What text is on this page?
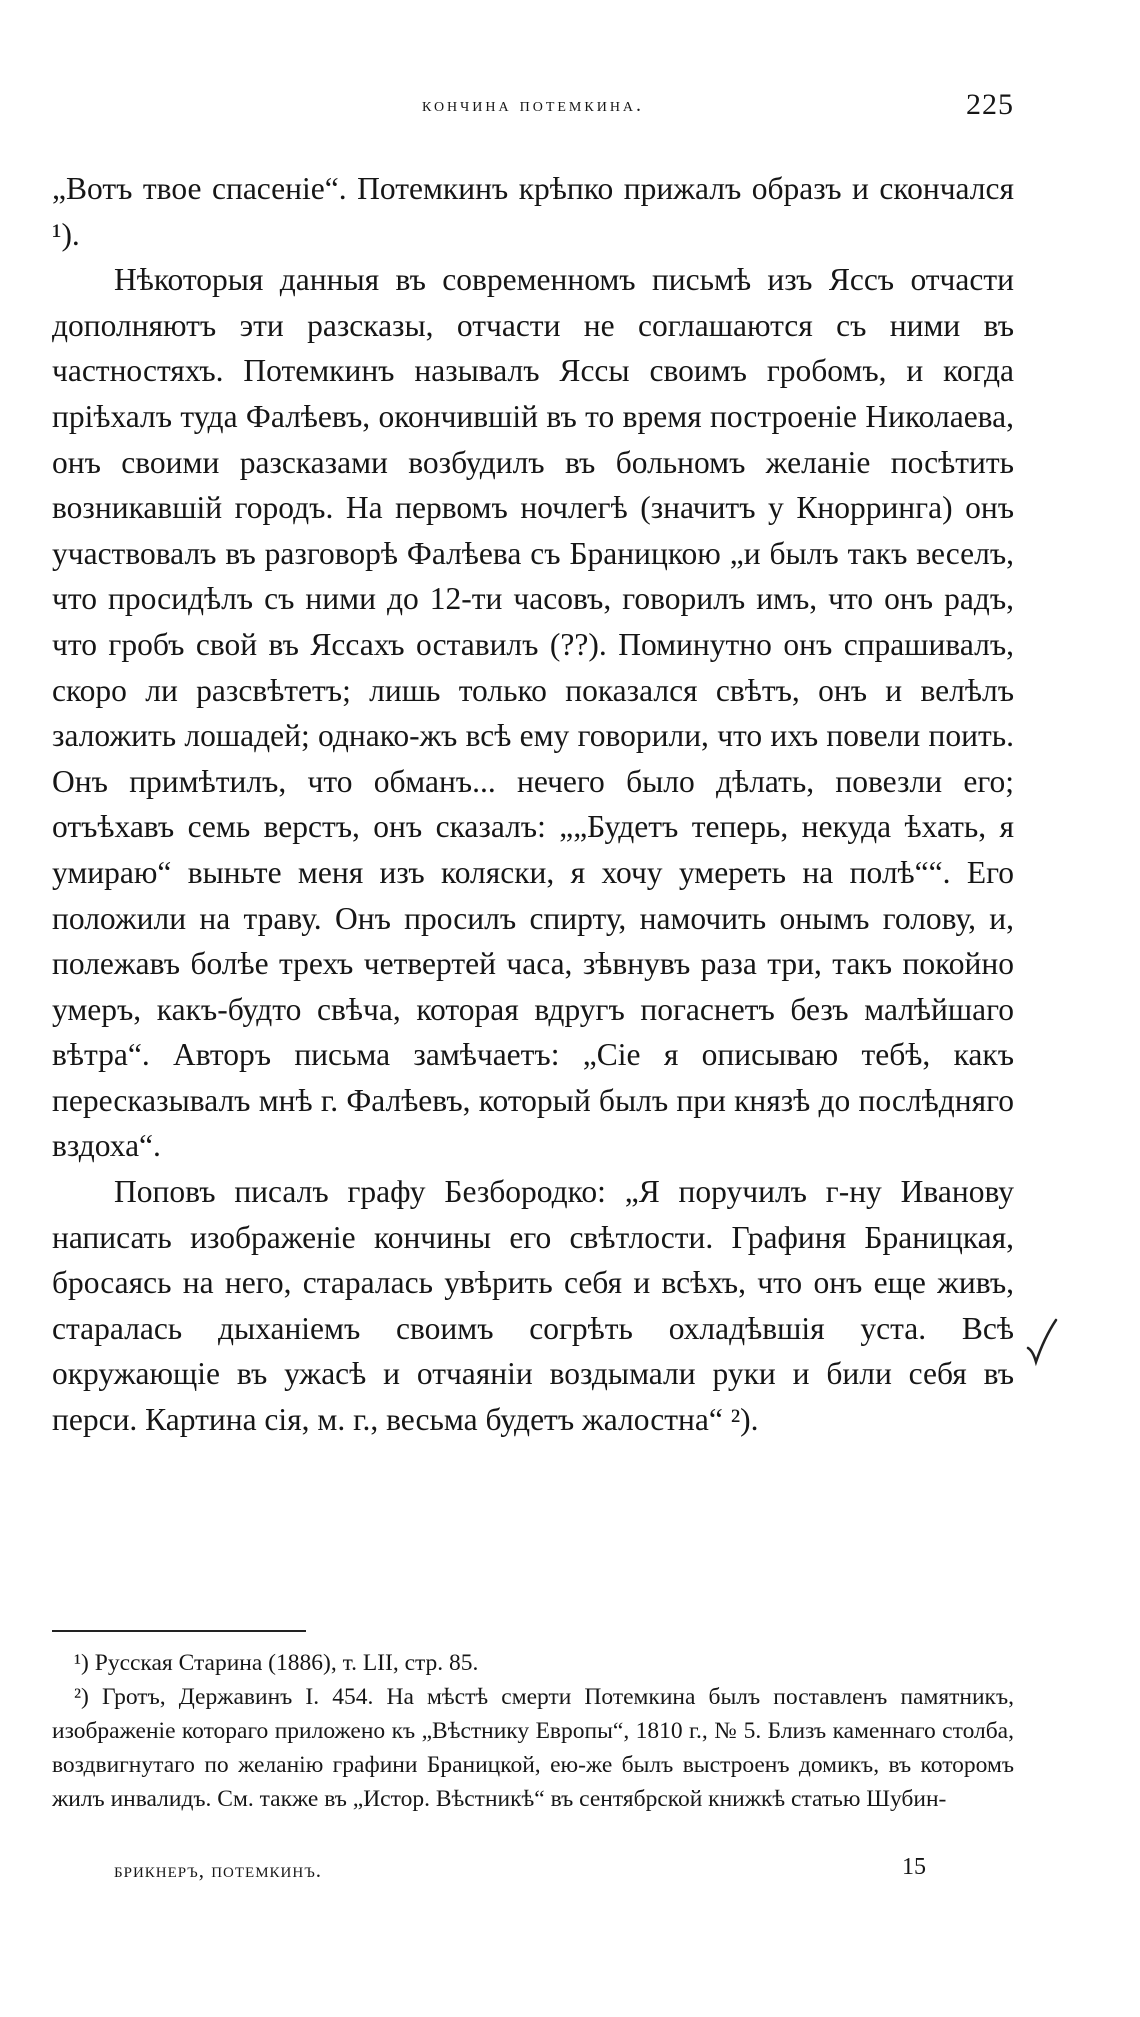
кончина потемкина.	225

„Вотъ твое спасеніе“. Потемкинъ крѣпко прижалъ образъ и скончался ¹).

Нѣкоторыя данныя въ современномъ письмѣ изъ Яссъ отчасти дополняютъ эти разсказы, отчасти не соглашаются съ ними въ частностяхъ. Потемкинъ называлъ Яссы своимъ гробомъ, и когда пріѣхалъ туда Фалѣевъ, окончившій въ то время построеніе Николаева, онъ своими разсказами возбудилъ въ больномъ желаніе посѣтить возникавшій городъ. На первомъ ночлегѣ (значитъ у Кнорринга) онъ участвовалъ въ разговорѣ Фалѣева съ Браницкою „и былъ такъ веселъ, что просидѣлъ съ ними до 12-ти часовъ, говорилъ имъ, что онъ радъ, что гробъ свой въ Яссахъ оставилъ (??). Поминутно онъ спрашивалъ, скоро ли разсвѣтетъ; лишь только показался свѣтъ, онъ и велѣлъ заложить лошадей; однако-жъ всѣ ему говорили, что ихъ повели поить. Онъ примѣтилъ, что обманъ... нечего было дѣлать, повезли его; отъѣхавъ семь верстъ, онъ сказалъ: „„Будетъ теперь, некуда ѣхать, я умираю“ выньте меня изъ коляски, я хочу умереть на полѣ““. Его положили на траву. Онъ просилъ спирту, намочить онымъ голову, и, полежавъ болѣе трехъ четвертей часа, зѣвнувъ раза три, такъ покойно умеръ, какъ-будто свѣча, которая вдругъ погаснетъ безъ малѣйшаго вѣтра“. Авторъ письма замѣчаетъ: „Сіе я описываю тебѣ, какъ пересказывалъ мнѣ г. Фалѣевъ, который былъ при князѣ до послѣдняго вздоха“.

Поповъ писалъ графу Безбородко: „Я поручилъ г-ну Иванову написать изображеніе кончины его свѣтлости. Графиня Браницкая, бросаясь на него, старалась увѣрить себя и всѣхъ, что онъ еще живъ, старалась дыханіемъ своимъ согрѣть охладѣвшія уста. Всѣ окружающіе въ ужасѣ и отчаяніи воздымали руки и били себя въ перси. Картина сія, м. г., весьма будетъ жалостна“ ²).

¹) Русская Старина (1886), т. LII, стр. 85.

²) Гротъ, Державинъ I. 454. На мѣстѣ смерти Потемкина былъ поставленъ памятникъ, изображеніе котораго приложено къ „Вѣстнику Европы“, 1810 г., № 5. Близъ каменнаго столба, воздвигнутаго по желанію графини Браницкой, ею-же былъ выстроенъ домикъ, въ которомъ жилъ инвалидъ. См. также въ „Истор. Вѣстникѣ“ въ сентябрской книжкѣ статью Шубин-

брикнеръ, потемкинъ.	15
